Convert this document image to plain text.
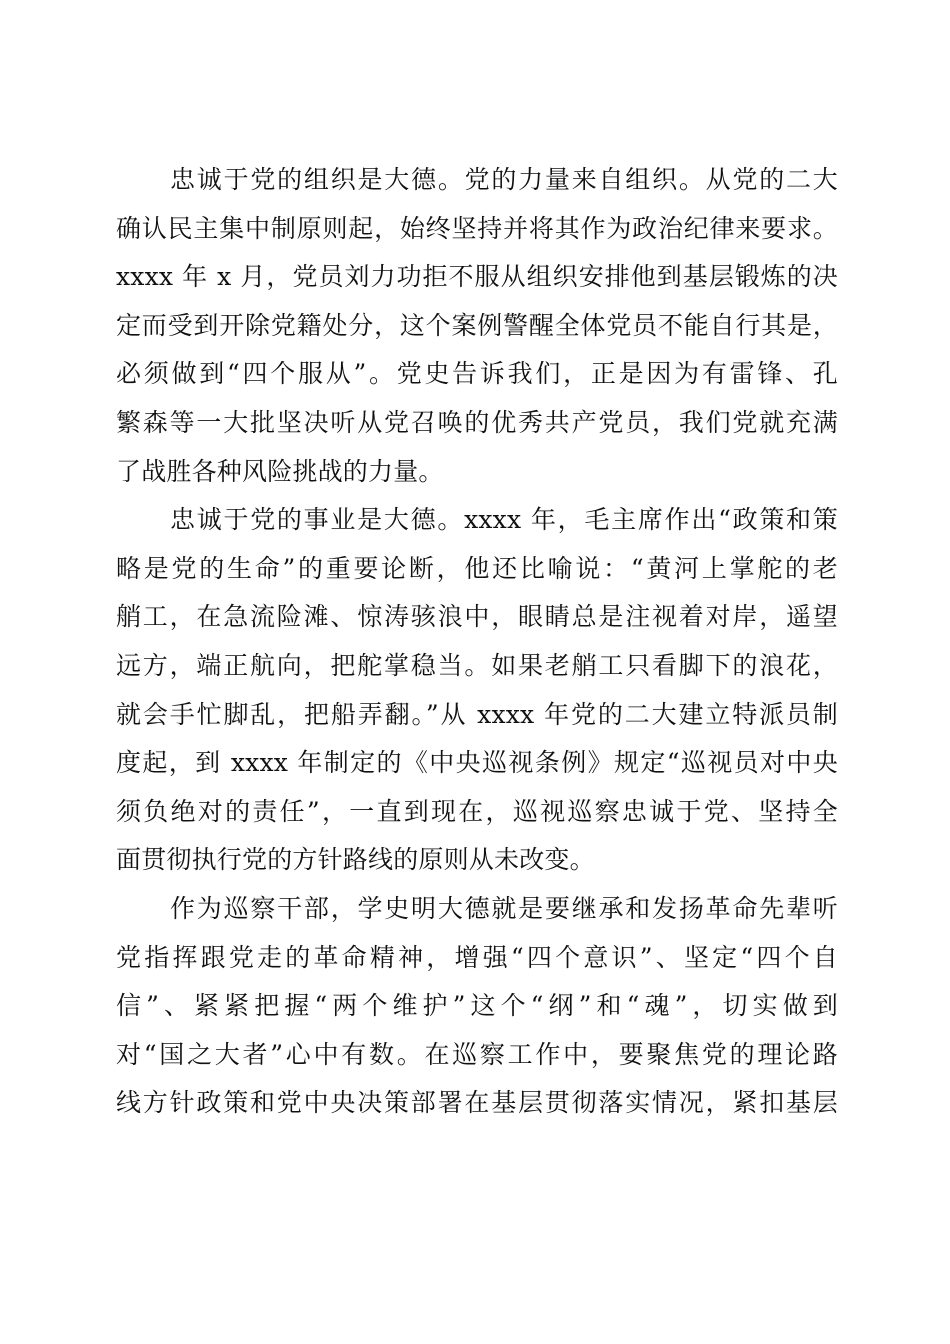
忠诚于党的组织是大德。党的力量来自组织。从党的二大
确认民主集中制原则起，始终坚持并将其作为政治纪律来要求。
xxxx 年 x 月，党员刘力功拒不服从组织安排他到基层锻炼的决
定而受到开除党籍处分，这个案例警醒全体党员不能自行其是，
必须做到“四个服从”。党史告诉我们，正是因为有雷锋、孔
繁森等一大批坚决听从党召唤的优秀共产党员，我们党就充满
了战胜各种风险挑战的力量。

忠诚于党的事业是大德。xxxx 年，毛主席作出“政策和策
略是党的生命”的重要论断，他还比喻说：“黄河上掌舵的老
艄工，在急流险滩、惊涛骇浪中，眼睛总是注视着对岸，遥望
远方，端正航向，把舵掌稳当。如果老艄工只看脚下的浪花，
就会手忙脚乱，把船弄翻。”从 xxxx 年党的二大建立特派员制
度起，到 xxxx 年制定的《中央巡视条例》规定“巡视员对中央
须负绝对的责任”，一直到现在，巡视巡察忠诚于党、坚持全
面贯彻执行党的方针路线的原则从未改变。

作为巡察干部，学史明大德就是要继承和发扬革命先辈听
党指挥跟党走的革命精神，增强“四个意识”、坚定“四个自
信”、紧紧把握“两个维护”这个“纲”和“魂”，切实做到
对“国之大者”心中有数。在巡察工作中，要聚焦党的理论路
线方针政策和党中央决策部署在基层贯彻落实情况，紧扣基层
